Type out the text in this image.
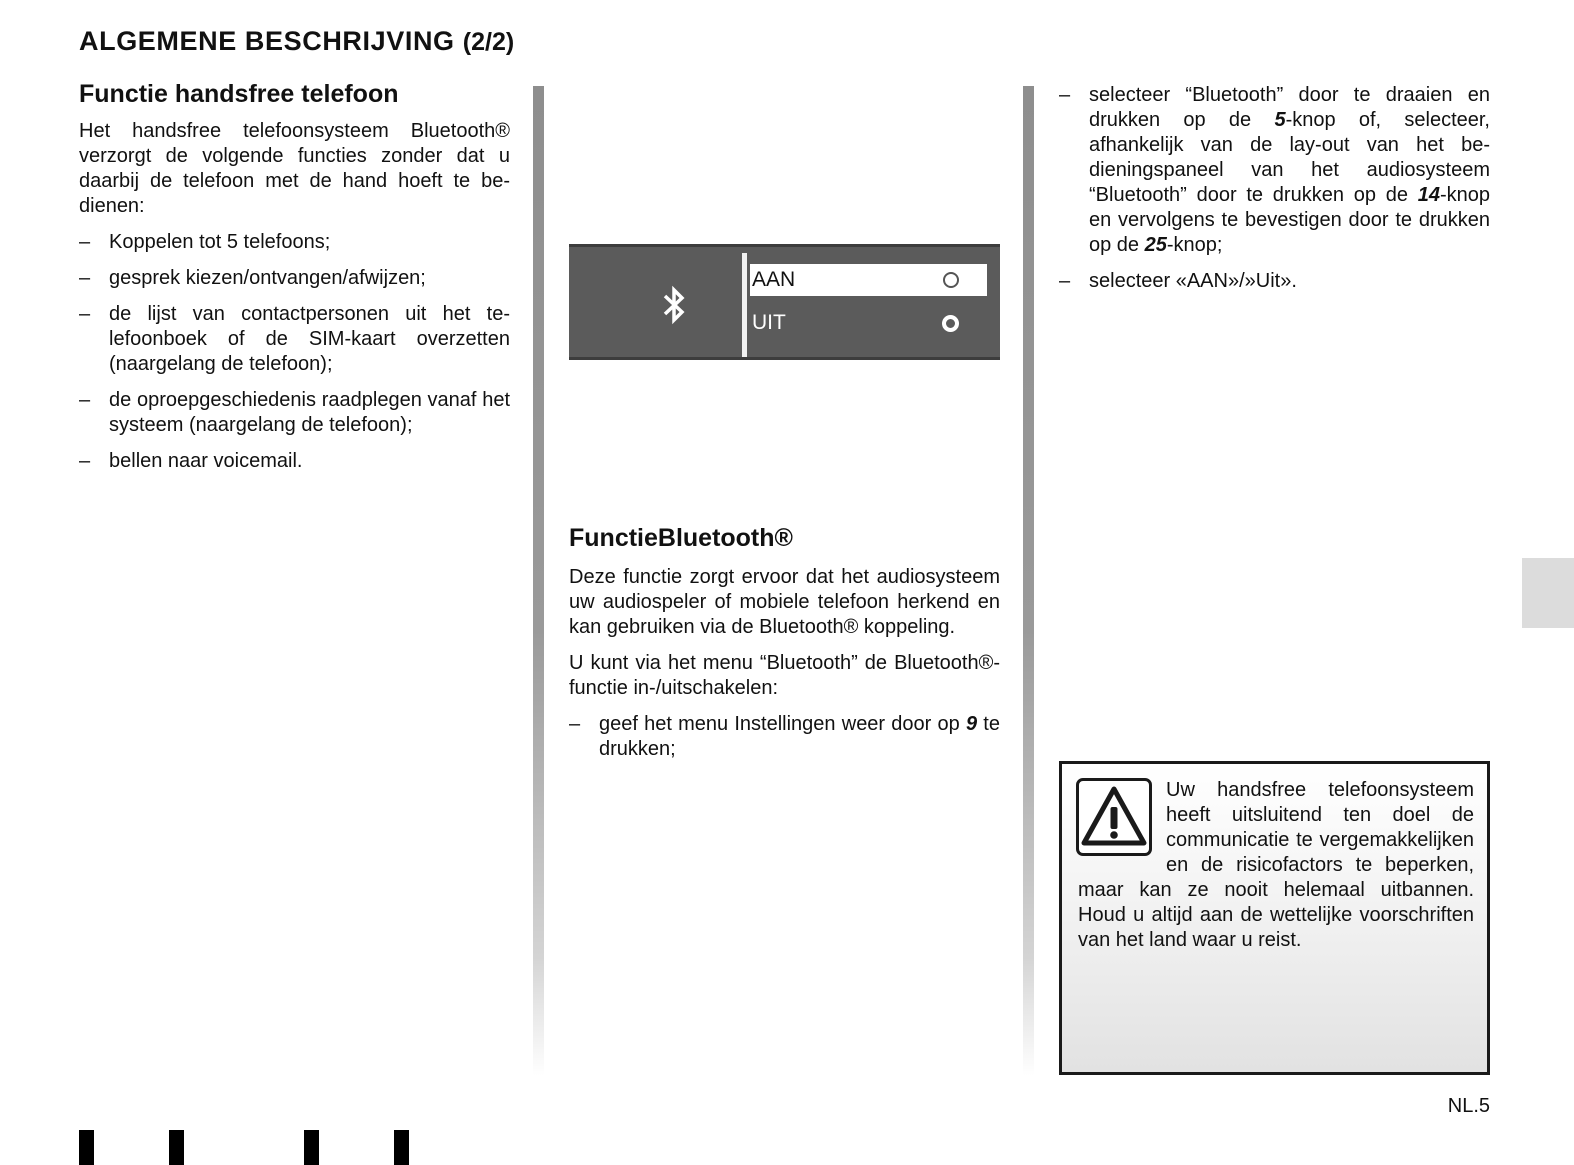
ALGEMENE BESCHRIJVING (2/2)
Functie handsfree telefoon

Het handsfree telefoonsysteem Bluetooth® verzorgt de volgende functies zonder dat u daarbij de telefoon met de hand hoeft te bedienen:

– Koppelen tot 5 telefoons;
– gesprek kiezen/ontvangen/afwijzen;
– de lijst van contactpersonen uit het telefoonboek of de SIM-kaart overzetten (naargelang de telefoon);
– de oproepgeschiedenis raadplegen vanaf het systeem (naargelang de telefoon);
– bellen naar voicemail.
AAN
UIT
FunctieBluetooth®

Deze functie zorgt ervoor dat het audiosysteem uw audiospeler of mobiele telefoon herkend en kan gebruiken via de Bluetooth® koppeling.

U kunt via het menu “Bluetooth” de Bluetooth®-functie in-/uitschakelen:

– geef het menu Instellingen weer door op 9 te drukken;
– selecteer “Bluetooth” door te draaien en drukken op de 5-knop of, selecteer, afhankelijk van de lay-out van het bedieningspaneel van het audiosysteem “Bluetooth” door te drukken op de 14-knop en vervolgens te bevestigen door te drukken op de 25-knop;
– selecteer «AAN»/»Uit».

Uw handsfree telefoonsysteem heeft uitsluitend ten doel de communicatie te vergemakkelijken en de risicofactors te beperken, maar kan ze nooit helemaal uitbannen. Houd u altijd aan de wettelijke voorschriften van het land waar u reist.

NL.5
